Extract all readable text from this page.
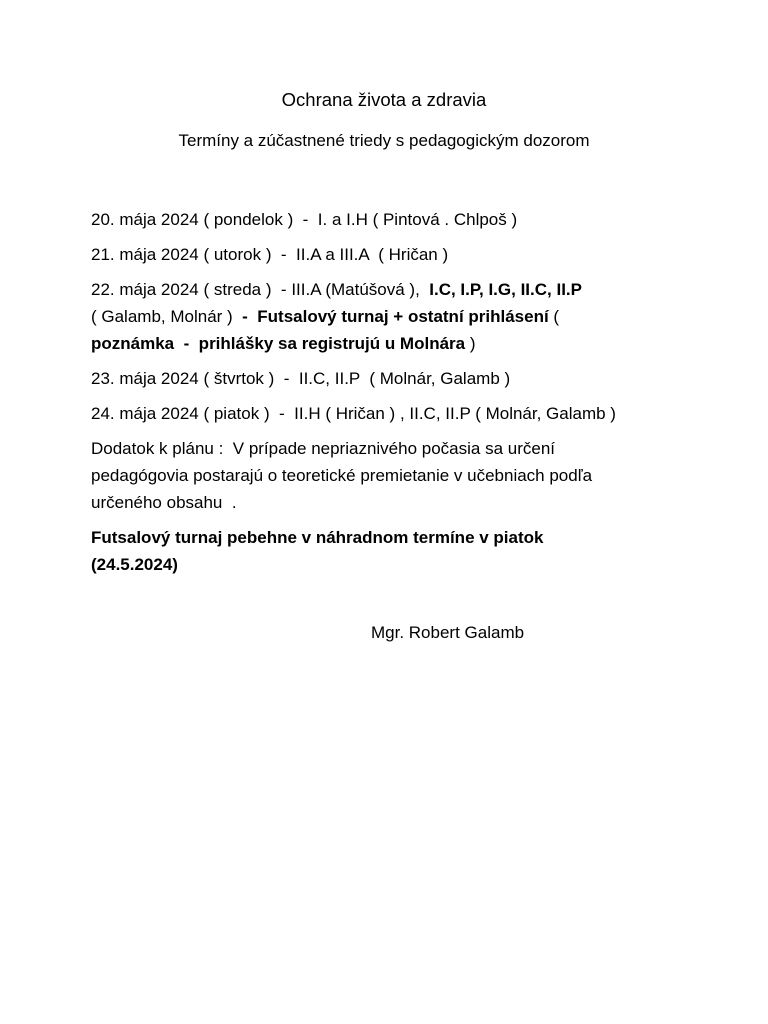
Ochrana života a zdravia
Termíny a zúčastnené triedy s pedagogickým dozorom

20. mája 2024 ( pondelok )  -  I. a I.H ( Pintová . Chlpoš )

21. mája 2024 ( utorok )  -  II.A a III.A  ( Hričan )

22. mája 2024 ( streda )  - III.A (Matúšová ),  I.C, I.P, I.G, II.C, II.P

( Galamb, Molnár )  -  Futsalový turnaj + ostatní prihlásení (

poznámka  -  prihlášky sa registrujú u Molnára )

23. mája 2024 ( štvrtok )  -  II.C, II.P  ( Molnár, Galamb )

24. mája 2024 ( piatok )  -  II.H ( Hričan ) , II.C, II.P ( Molnár, Galamb )

Dodatok k plánu :  V prípade nepriaznivého počasia sa určení

pedagógovia postarajú o teoretické premietanie v učebniach podľa

určeného obsahu  .

Futsalový turnaj pebehne v náhradnom termíne v piatok

(24.5.2024)

Mgr. Robert Galamb
